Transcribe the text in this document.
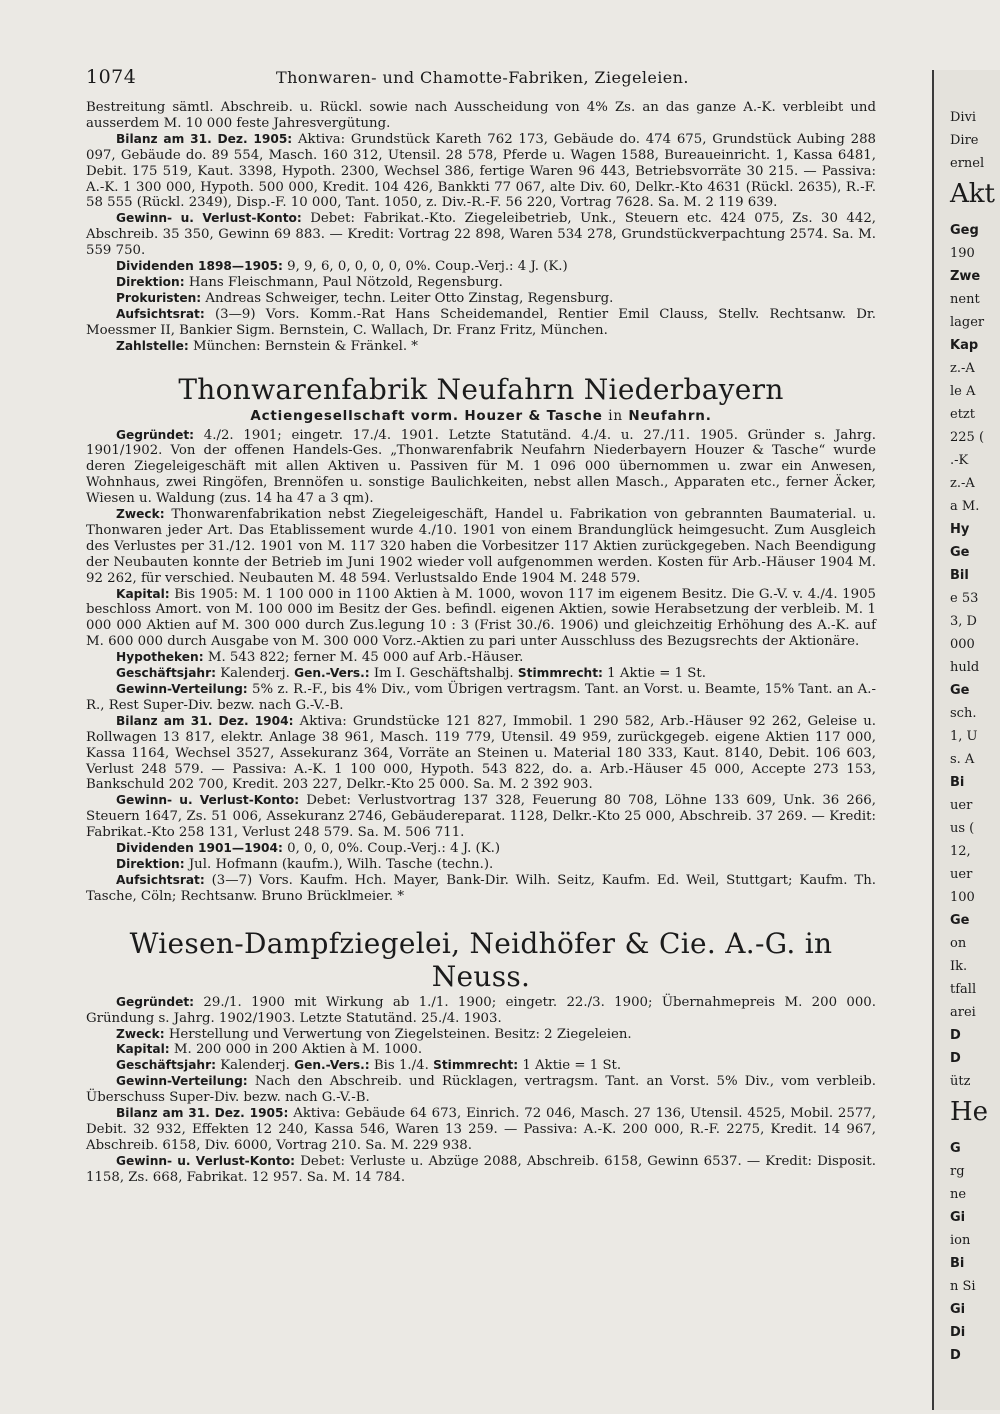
1074	Thonwaren- und Chamotte-Fabriken, Ziegeleien.

Bestreitung sämtl. Abschreib. u. Rückl. sowie nach Ausscheidung von 4% Zs. an das ganze A.-K. verbleibt und ausserdem M. 10 000 feste Jahresvergütung.

Bilanz am 31. Dez. 1905: Aktiva: Grundstück Kareth 762 173, Gebäude do. 474 675, Grundstück Aubing 288 097, Gebäude do. 89 554, Masch. 160 312, Utensil. 28 578, Pferde u. Wagen 1588, Bureaueinricht. 1, Kassa 6481, Debit. 175 519, Kaut. 3398, Hypoth. 2300, Wechsel 386, fertige Waren 96 443, Betriebsvorräte 30 215. — Passiva: A.-K. 1 300 000, Hypoth. 500 000, Kredit. 104 426, Bankkti 77 067, alte Div. 60, Delkr.-Kto 4631 (Rückl. 2635), R.-F. 58 555 (Rückl. 2349), Disp.-F. 10 000, Tant. 1050, z. Div.-R.-F. 56 220, Vortrag 7628. Sa. M. 2 119 639.

Gewinn- u. Verlust-Konto: Debet: Fabrikat.-Kto. Ziegeleibetrieb, Unk., Steuern etc. 424 075, Zs. 30 442, Abschreib. 35 350, Gewinn 69 883. — Kredit: Vortrag 22 898, Waren 534 278, Grundstückverpachtung 2574. Sa. M. 559 750.

Dividenden 1898—1905: 9, 9, 6, 0, 0, 0, 0, 0%. Coup.-Verj.: 4 J. (K.)

Direktion: Hans Fleischmann, Paul Nötzold, Regensburg.

Prokuristen: Andreas Schweiger, techn. Leiter Otto Zinstag, Regensburg.

Aufsichtsrat: (3—9) Vors. Komm.-Rat Hans Scheidemandel, Rentier Emil Clauss, Stellv. Rechtsanw. Dr. Moessmer II, Bankier Sigm. Bernstein, C. Wallach, Dr. Franz Fritz, München.

Zahlstelle: München: Bernstein & Fränkel. *

Thonwarenfabrik Neufahrn Niederbayern
Actiengesellschaft vorm. Houzer & Tasche in Neufahrn.

Gegründet: 4./2. 1901; eingetr. 17./4. 1901. Letzte Statutänd. 4./4. u. 27./11. 1905. Gründer s. Jahrg. 1901/1902. Von der offenen Handels-Ges. „Thonwarenfabrik Neufahrn Niederbayern Houzer & Tasche“ wurde deren Ziegeleigeschäft mit allen Aktiven u. Passiven für M. 1 096 000 übernommen u. zwar ein Anwesen, Wohnhaus, zwei Ringöfen, Brennöfen u. sonstige Baulichkeiten, nebst allen Masch., Apparaten etc., ferner Äcker, Wiesen u. Waldung (zus. 14 ha 47 a 3 qm).

Zweck: Thonwarenfabrikation nebst Ziegeleigeschäft, Handel u. Fabrikation von gebrannten Baumaterial. u. Thonwaren jeder Art. Das Etablissement wurde 4./10. 1901 von einem Brandunglück heimgesucht. Zum Ausgleich des Verlustes per 31./12. 1901 von M. 117 320 haben die Vorbesitzer 117 Aktien zurückgegeben. Nach Beendigung der Neubauten konnte der Betrieb im Juni 1902 wieder voll aufgenommen werden. Kosten für Arb.-Häuser 1904 M. 92 262, für verschied. Neubauten M. 48 594. Verlustsaldo Ende 1904 M. 248 579.

Kapital: Bis 1905: M. 1 100 000 in 1100 Aktien à M. 1000, wovon 117 im eigenem Besitz. Die G.-V. v. 4./4. 1905 beschloss Amort. von M. 100 000 im Besitz der Ges. befindl. eigenen Aktien, sowie Herabsetzung der verbleib. M. 1 000 000 Aktien auf M. 300 000 durch Zus.legung 10 : 3 (Frist 30./6. 1906) und gleichzeitig Erhöhung des A.-K. auf M. 600 000 durch Ausgabe von M. 300 000 Vorz.-Aktien zu pari unter Ausschluss des Bezugsrechts der Aktionäre.

Hypotheken: M. 543 822; ferner M. 45 000 auf Arb.-Häuser.

Geschäftsjahr: Kalenderj. Gen.-Vers.: Im I. Geschäftshalbj. Stimmrecht: 1 Aktie = 1 St.

Gewinn-Verteilung: 5% z. R.-F., bis 4% Div., vom Übrigen vertragsm. Tant. an Vorst. u. Beamte, 15% Tant. an A.-R., Rest Super-Div. bezw. nach G.-V.-B.

Bilanz am 31. Dez. 1904: Aktiva: Grundstücke 121 827, Immobil. 1 290 582, Arb.-Häuser 92 262, Geleise u. Rollwagen 13 817, elektr. Anlage 38 961, Masch. 119 779, Utensil. 49 959, zurückgegeb. eigene Aktien 117 000, Kassa 1164, Wechsel 3527, Assekuranz 364, Vorräte an Steinen u. Material 180 333, Kaut. 8140, Debit. 106 603, Verlust 248 579. — Passiva: A.-K. 1 100 000, Hypoth. 543 822, do. a. Arb.-Häuser 45 000, Accepte 273 153, Bankschuld 202 700, Kredit. 203 227, Delkr.-Kto 25 000. Sa. M. 2 392 903.

Gewinn- u. Verlust-Konto: Debet: Verlustvortrag 137 328, Feuerung 80 708, Löhne 133 609, Unk. 36 266, Steuern 1647, Zs. 51 006, Assekuranz 2746, Gebäudereparat. 1128, Delkr.-Kto 25 000, Abschreib. 37 269. — Kredit: Fabrikat.-Kto 258 131, Verlust 248 579. Sa. M. 506 711.

Dividenden 1901—1904: 0, 0, 0, 0%. Coup.-Verj.: 4 J. (K.)

Direktion: Jul. Hofmann (kaufm.), Wilh. Tasche (techn.).

Aufsichtsrat: (3—7) Vors. Kaufm. Hch. Mayer, Bank-Dir. Wilh. Seitz, Kaufm. Ed. Weil, Stuttgart; Kaufm. Th. Tasche, Cöln; Rechtsanw. Bruno Brücklmeier. *

Wiesen-Dampfziegelei, Neidhöfer & Cie. A.-G. in Neuss.

Gegründet: 29./1. 1900 mit Wirkung ab 1./1. 1900; eingetr. 22./3. 1900; Übernahmepreis M. 200 000. Gründung s. Jahrg. 1902/1903. Letzte Statutänd. 25./4. 1903.

Zweck: Herstellung und Verwertung von Ziegelsteinen. Besitz: 2 Ziegeleien.

Kapital: M. 200 000 in 200 Aktien à M. 1000.

Geschäftsjahr: Kalenderj. Gen.-Vers.: Bis 1./4. Stimmrecht: 1 Aktie = 1 St.

Gewinn-Verteilung: Nach den Abschreib. und Rücklagen, vertragsm. Tant. an Vorst. 5% Div., vom verbleib. Überschuss Super-Div. bezw. nach G.-V.-B.

Bilanz am 31. Dez. 1905: Aktiva: Gebäude 64 673, Einrich. 72 046, Masch. 27 136, Utensil. 4525, Mobil. 2577, Debit. 32 932, Effekten 12 240, Kassa 546, Waren 13 259. — Passiva: A.-K. 200 000, R.-F. 2275, Kredit. 14 967, Abschreib. 6158, Div. 6000, Vortrag 210. Sa. M. 229 938.

Gewinn- u. Verlust-Konto: Debet: Verluste u. Abzüge 2088, Abschreib. 6158, Gewinn 6537. — Kredit: Disposit. 1158, Zs. 668, Fabrikat. 12 957. Sa. M. 14 784.

Divi
Dire
ernel
Akt
Geg
190
Zwe
nent
lager
Kap
z.-A
le A
etzt
225 (
.-K
z.-A
a M.
Hy
Ge
Bil
e 53
3, D
000
huld
Ge
sch.
1, U
s. A
Bi
uer
us (
12,
uer
100
Ge
on
Ik.
tfall
arei
D
D
ütz
He
G
rg
ne
Gi
ion
Bi
n Si
Gi
Di
D
